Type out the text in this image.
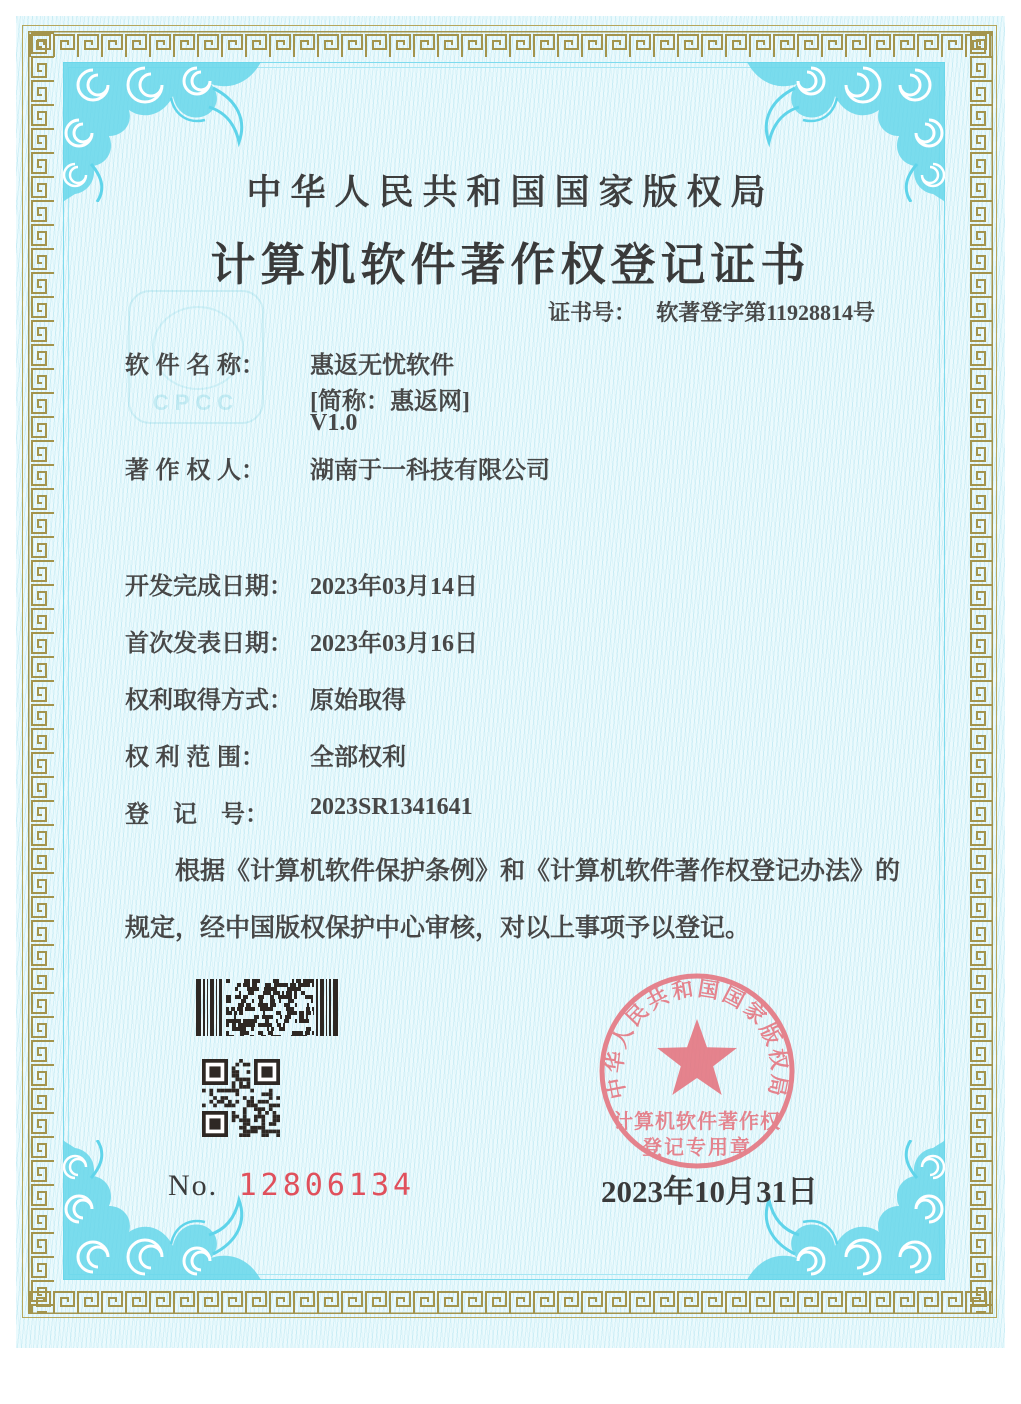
CPCC
中华人民共和国国家版权局
计算机软件著作权登记证书
证书号： 软著登字第11928814号
软 件 名 称： 惠返无忧软件
[简称：惠返网]
V1.0
著 作 权 人： 湖南于一科技有限公司
开发完成日期： 2023年03月14日
首次发表日期： 2023年03月16日
权利取得方式： 原始取得
权 利 范 围： 全部权利
登　记　号： 2023SR1341641
根据《计算机软件保护条例》和《计算机软件著作权登记办法》的
规定，经中国版权保护中心审核，对以上事项予以登记。
No. 12806134
中华人民共和国国家版权局
计算机软件著作权
登记专用章
2023年10月31日
